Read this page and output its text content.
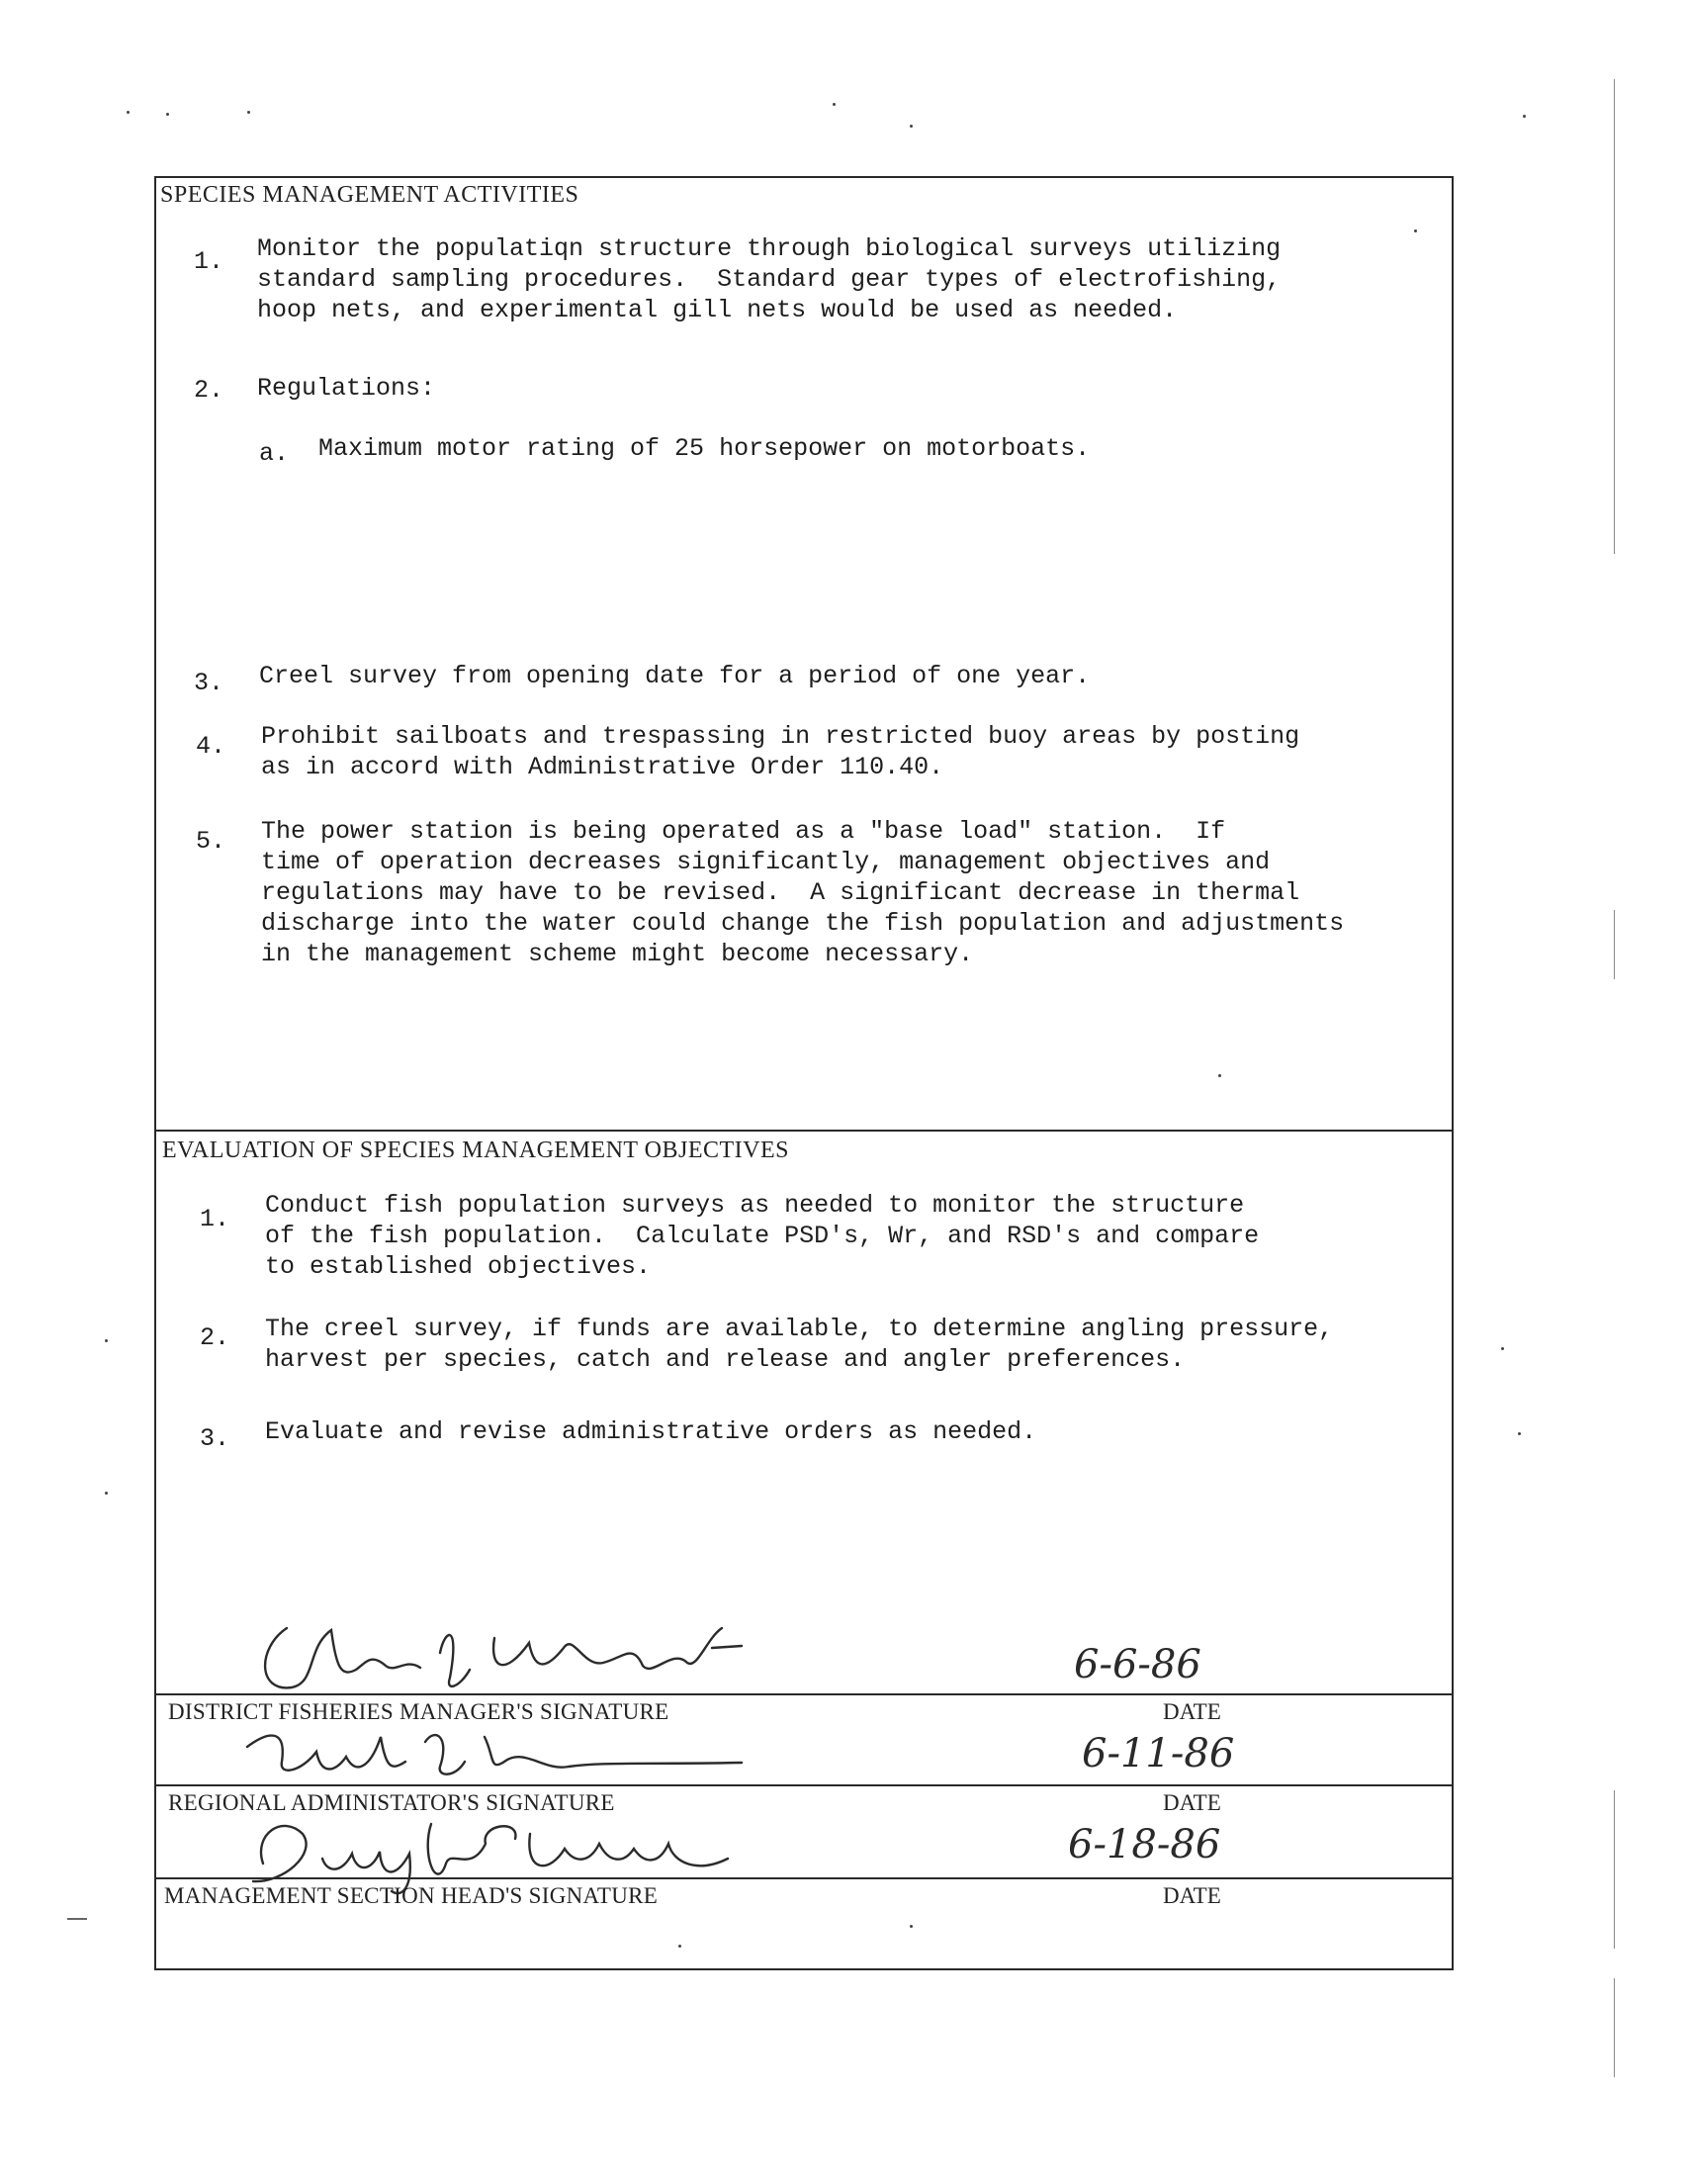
SPECIES MANAGEMENT ACTIVITIES
1. Monitor the populatiqn structure through biological surveys utilizing
standard sampling procedures.  Standard gear types of electrofishing,
hoop nets, and experimental gill nets would be used as needed.
2. Regulations:
a. Maximum motor rating of 25 horsepower on motorboats.
3. Creel survey from opening date for a period of one year.
4. Prohibit sailboats and trespassing in restricted buoy areas by posting
as in accord with Administrative Order 110.40.
5. The power station is being operated as a "base load" station.  If
time of operation decreases significantly, management objectives and
regulations may have to be revised.  A significant decrease in thermal
discharge into the water could change the fish population and adjustments
in the management scheme might become necessary.
EVALUATION OF SPECIES MANAGEMENT OBJECTIVES
1. Conduct fish population surveys as needed to monitor the structure
of the fish population.  Calculate PSD's, Wr, and RSD's and compare
to established objectives.
2. The creel survey, if funds are available, to determine angling pressure,
harvest per species, catch and release and angler preferences.
3. Evaluate and revise administrative orders as needed.
6-6-86
DISTRICT FISHERIES MANAGER'S SIGNATURE	DATE
6-11-86
REGIONAL ADMINISTATOR'S SIGNATURE	DATE
6-18-86
MANAGEMENT SECTION HEAD'S SIGNATURE	DATE
